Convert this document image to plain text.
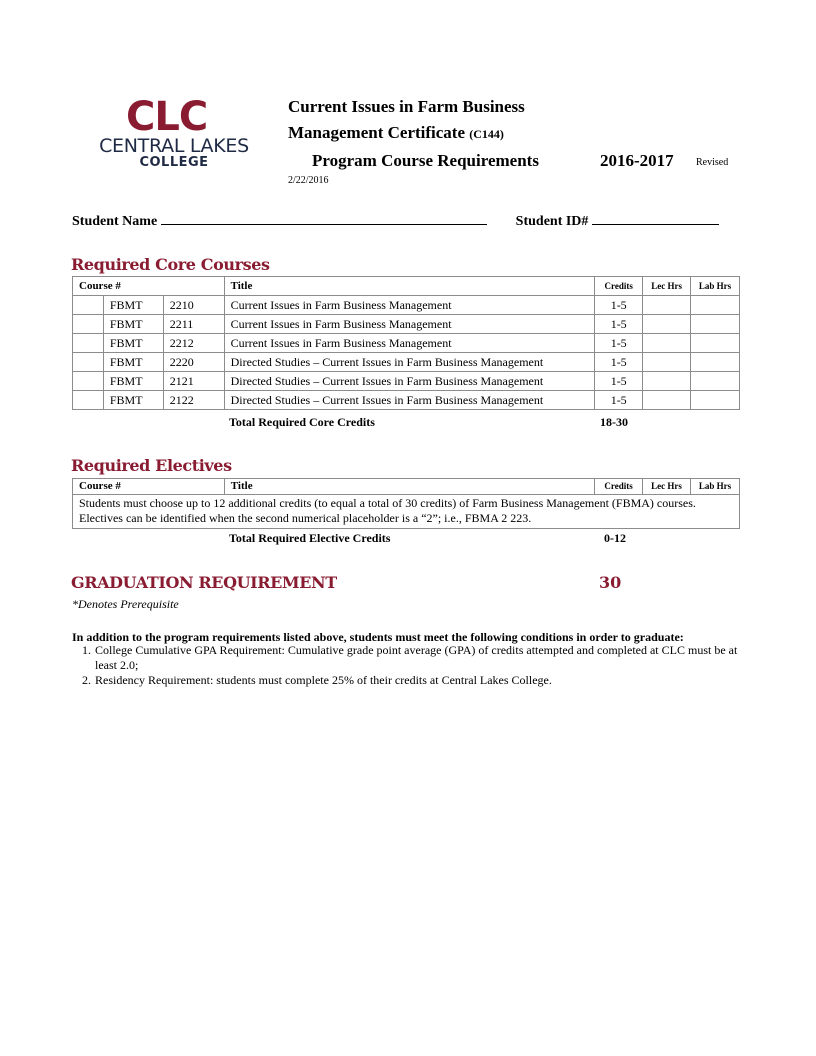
CLC
CENTRAL LAKES
COLLEGE
Current Issues in Farm Business
Management Certificate (C144)
Program Course Requirements	2016-2017 Revised
2/22/2016
Student Name	Student ID#
Required Core Courses
Course #			Title	Credits	Lec Hrs	Lab Hrs
	FBMT	2210	Current Issues in Farm Business Management	1-5		
	FBMT	2211	Current Issues in Farm Business Management	1-5		
	FBMT	2212	Current Issues in Farm Business Management	1-5		
	FBMT	2220	Directed Studies – Current Issues in Farm Business Management	1-5		
	FBMT	2121	Directed Studies – Current Issues in Farm Business Management	1-5		
	FBMT	2122	Directed Studies – Current Issues in Farm Business Management	1-5		
Total Required Core Credits	18-30
Required Electives
Course #	Title	Credits	Lec Hrs	Lab Hrs
Students must choose up to 12 additional credits (to equal a total of 30 credits) of Farm Business Management (FBMA) courses. Electives can be identified when the second numerical placeholder is a “2”; i.e., FBMA 2 223.
Total Required Elective Credits	0-12
GRADUATION REQUIREMENT	30
*Denotes Prerequisite
In addition to the program requirements listed above, students must meet the following conditions in order to graduate:
1. College Cumulative GPA Requirement: Cumulative grade point average (GPA) of credits attempted and completed at CLC must be at least 2.0;
2. Residency Requirement: students must complete 25% of their credits at Central Lakes College.
